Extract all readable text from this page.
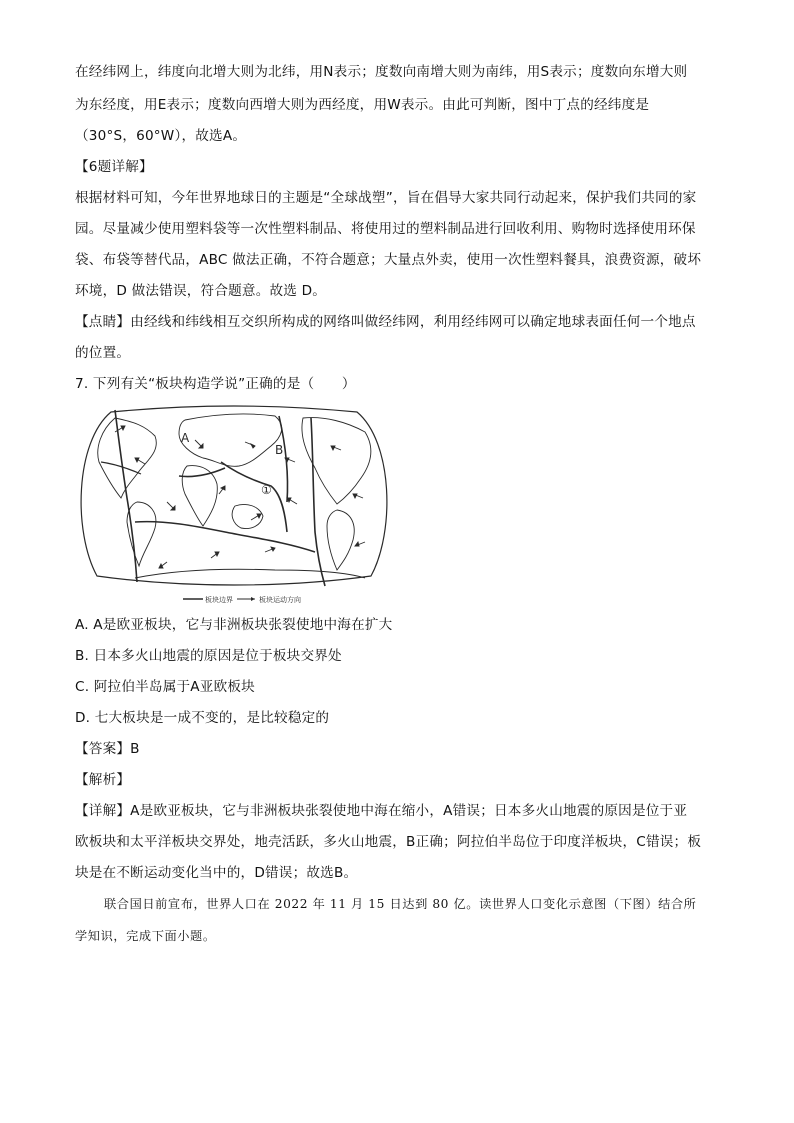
在经纬网上，纬度向北增大则为北纬，用N表示；度数向南增大则为南纬，用S表示；度数向东增大则
为东经度，用E表示；度数向西增大则为西经度，用W表示。由此可判断，图中丁点的经纬度是
（30°S，60°W），故选A。
【6题详解】
根据材料可知，今年世界地球日的主题是“全球战塑”，旨在倡导大家共同行动起来，保护我们共同的家
园。尽量减少使用塑料袋等一次性塑料制品、将使用过的塑料制品进行回收利用、购物时选择使用环保
袋、布袋等替代品，ABC 做法正确，不符合题意；大量点外卖，使用一次性塑料餐具，浪费资源，破坏
环境，D 做法错误，符合题意。故选 D。
【点睛】由经线和纬线相互交织所构成的网络叫做经纬网，利用经纬网可以确定地球表面任何一个地点
的位置。
7. 下列有关“板块构造学说”正确的是（　　）
A
B
①
板块边界	板块运动方向
A. A是欧亚板块，它与非洲板块张裂使地中海在扩大
B. 日本多火山地震的原因是位于板块交界处
C. 阿拉伯半岛属于A亚欧板块
D. 七大板块是一成不变的，是比较稳定的
【答案】B
【解析】
【详解】A是欧亚板块，它与非洲板块张裂使地中海在缩小，A错误；日本多火山地震的原因是位于亚
欧板块和太平洋板块交界处，地壳活跃，多火山地震，B正确；阿拉伯半岛位于印度洋板块，C错误；板
块是在不断运动变化当中的，D错误；故选B。
联合国日前宣布，世界人口在 2022 年 11 月 15 日达到 80 亿。读世界人口变化示意图（下图）结合所
学知识，完成下面小题。
